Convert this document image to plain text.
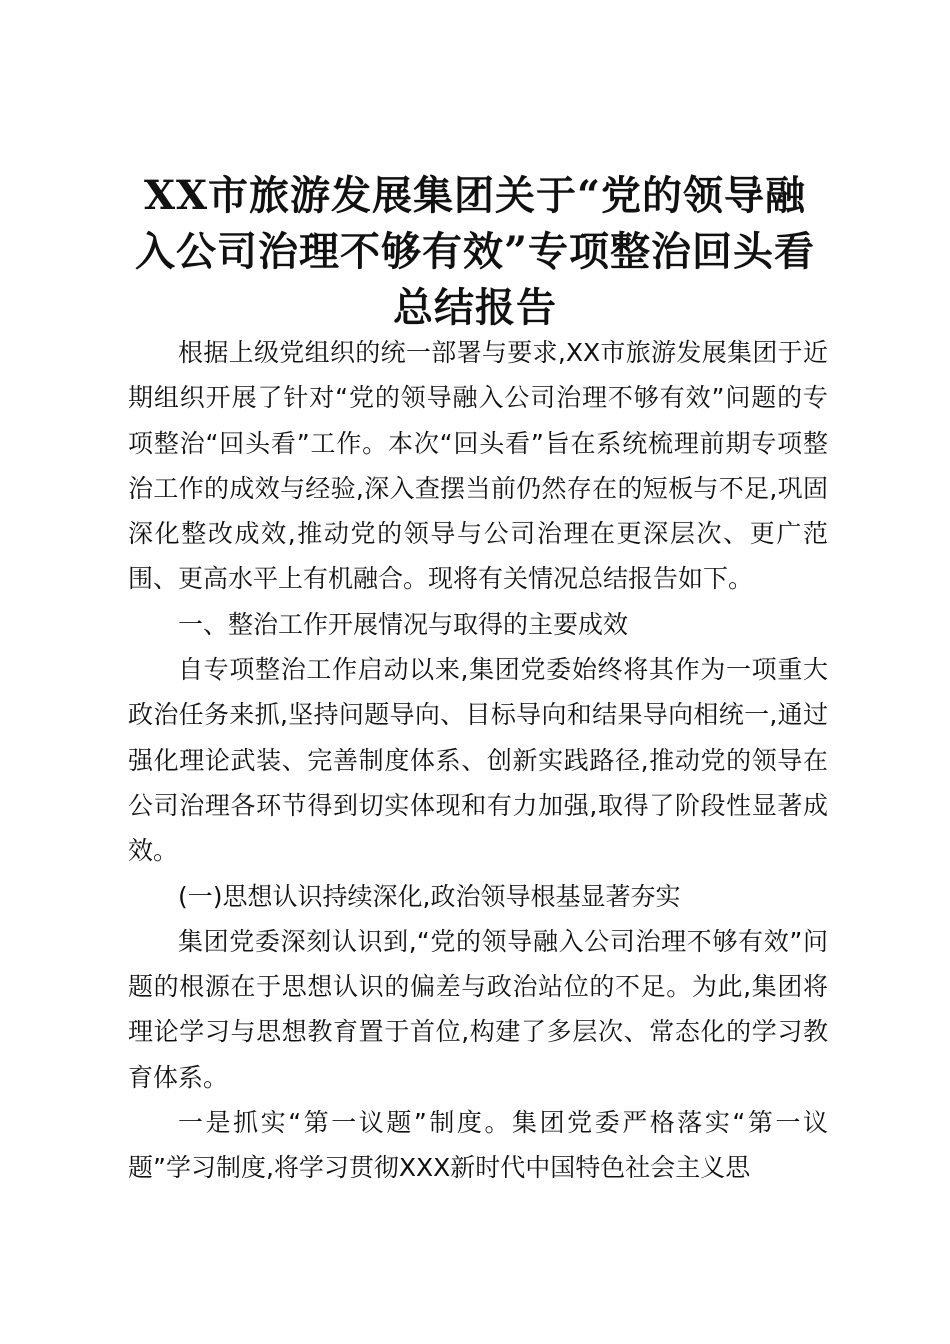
XX市旅游发展集团关于“党的领导融
入公司治理不够有效”专项整治回头看
总结报告

根据上级党组织的统一部署与要求,XX市旅游发展集团于近期组织开展了针对“党的领导融入公司治理不够有效”问题的专项整治“回头看”工作。本次“回头看”旨在系统梳理前期专项整治工作的成效与经验,深入查摆当前仍然存在的短板与不足,巩固深化整改成效,推动党的领导与公司治理在更深层次、更广范围、更高水平上有机融合。现将有关情况总结报告如下。

一、整治工作开展情况与取得的主要成效

自专项整治工作启动以来,集团党委始终将其作为一项重大政治任务来抓,坚持问题导向、目标导向和结果导向相统一,通过强化理论武装、完善制度体系、创新实践路径,推动党的领导在公司治理各环节得到切实体现和有力加强,取得了阶段性显著成效。

(一)思想认识持续深化,政治领导根基显著夯实

集团党委深刻认识到,“党的领导融入公司治理不够有效”问题的根源在于思想认识的偏差与政治站位的不足。为此,集团将理论学习与思想教育置于首位,构建了多层次、常态化的学习教育体系。

一是抓实“第一议题”制度。集团党委严格落实“第一议题”学习制度,将学习贯彻XXX新时代中国特色社会主义思
